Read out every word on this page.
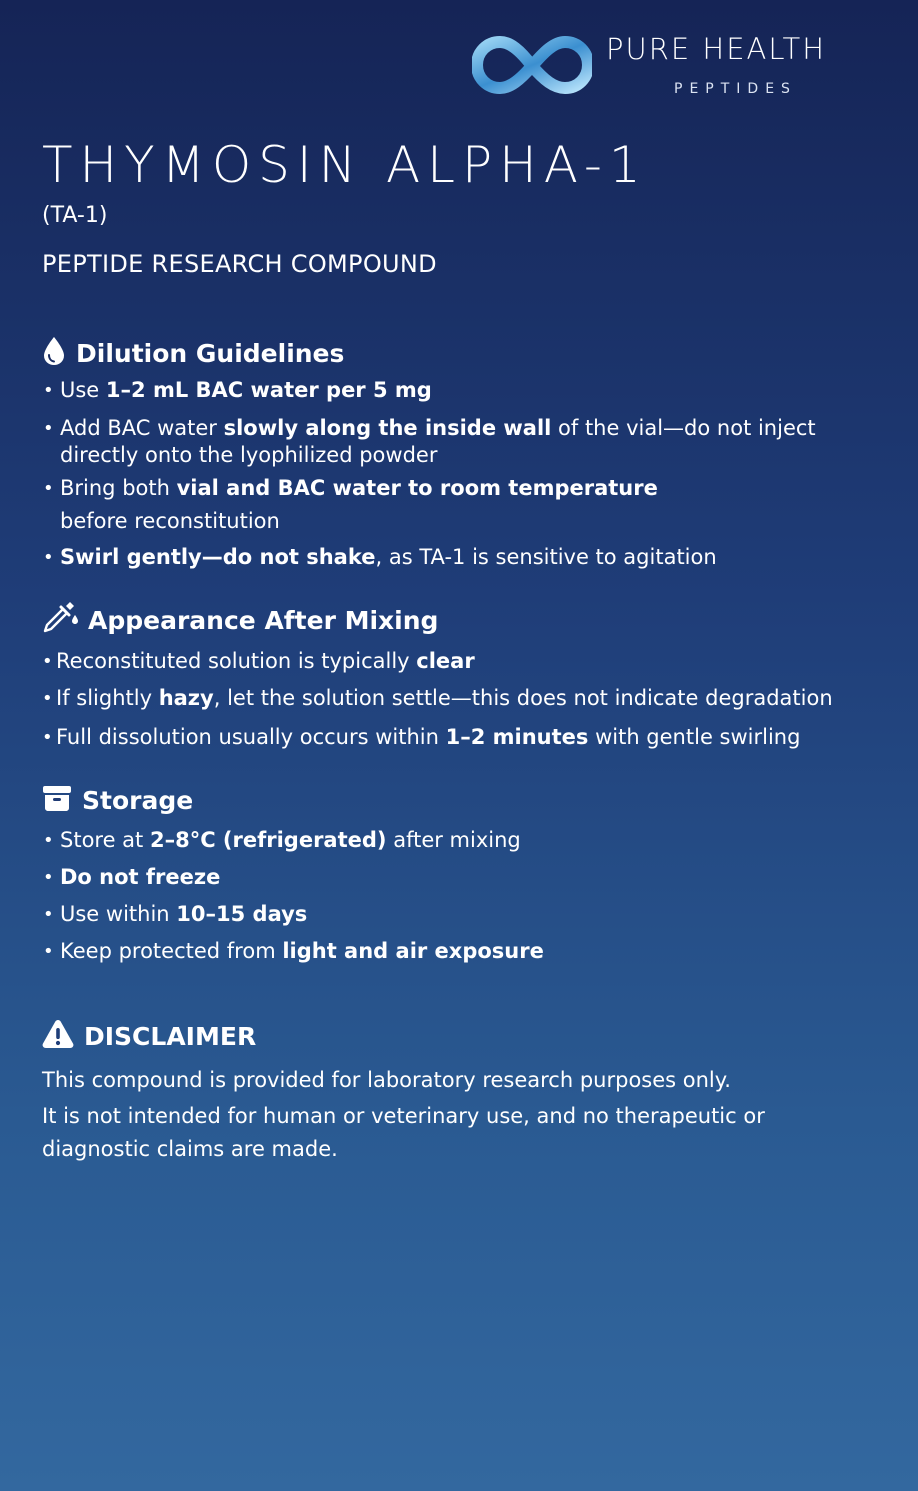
PURE HEALTH
PEPTIDES
THYMOSIN ALPHA-1
(TA-1)
PEPTIDE RESEARCH COMPOUND
Dilution Guidelines
• Use 1–2 mL BAC water per 5 mg
• Add BAC water slowly along the inside wall of the vial—do not inject
directly onto the lyophilized powder
• Bring both vial and BAC water to room temperature
before reconstitution
• Swirl gently—do not shake, as TA-1 is sensitive to agitation
Appearance After Mixing
• Reconstituted solution is typically clear
• If slightly hazy, let the solution settle—this does not indicate degradation
• Full dissolution usually occurs within 1–2 minutes with gentle swirling
Storage
• Store at 2–8°C (refrigerated) after mixing
• Do not freeze
• Use within 10–15 days
• Keep protected from light and air exposure
DISCLAIMER
This compound is provided for laboratory research purposes only.
It is not intended for human or veterinary use, and no therapeutic or
diagnostic claims are made.
